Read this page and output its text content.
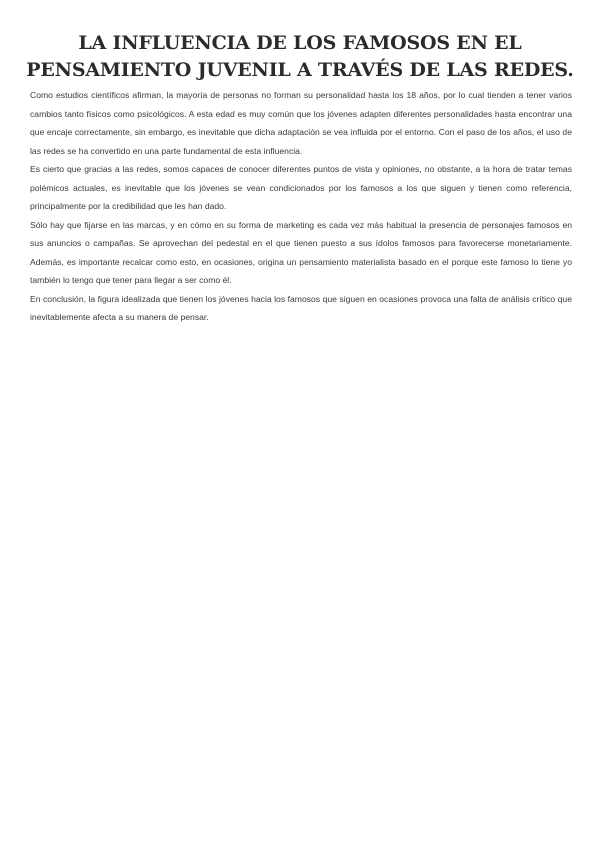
LA INFLUENCIA DE LOS FAMOSOS EN EL
PENSAMIENTO JUVENIL A TRAVÉS DE LAS REDES.

Como estudios científicos afirman, la mayoría de personas no forman su personalidad hasta los 18 años, por lo cual tienden a tener varios cambios tanto físicos como psicológicos. A esta edad es muy común que los jóvenes adapten diferentes personalidades hasta encontrar una que encaje correctamente, sin embargo, es inevitable que dicha adaptación se vea influida por el entorno. Con el paso de los años, el uso de las redes se ha convertido en una parte fundamental de esta influencia.

Es cierto que gracias a las redes, somos capaces de conocer diferentes puntos de vista y opiniones, no obstante, a la hora de tratar temas polémicos actuales, es inevitable que los jóvenes se vean condicionados por los famosos a los que siguen y tienen como referencia, principalmente por la credibilidad que les han dado.

Sólo hay que fijarse en las marcas, y en cómo en su forma de marketing es cada vez más habitual la presencia de personajes famosos en sus anuncios o campañas. Se aprovechan del pedestal en el que tienen puesto a sus ídolos famosos para favorecerse monetariamente. Además, es importante recalcar como esto, en ocasiones, origina un pensamiento materialista basado en el porque este famoso lo tiene yo también lo tengo que tener para llegar a ser como él.

En conclusión, la figura idealizada que tienen los jóvenes hacia los famosos que siguen en ocasiones provoca una falta de análisis crítico que inevitablemente afecta a su manera de pensar.
